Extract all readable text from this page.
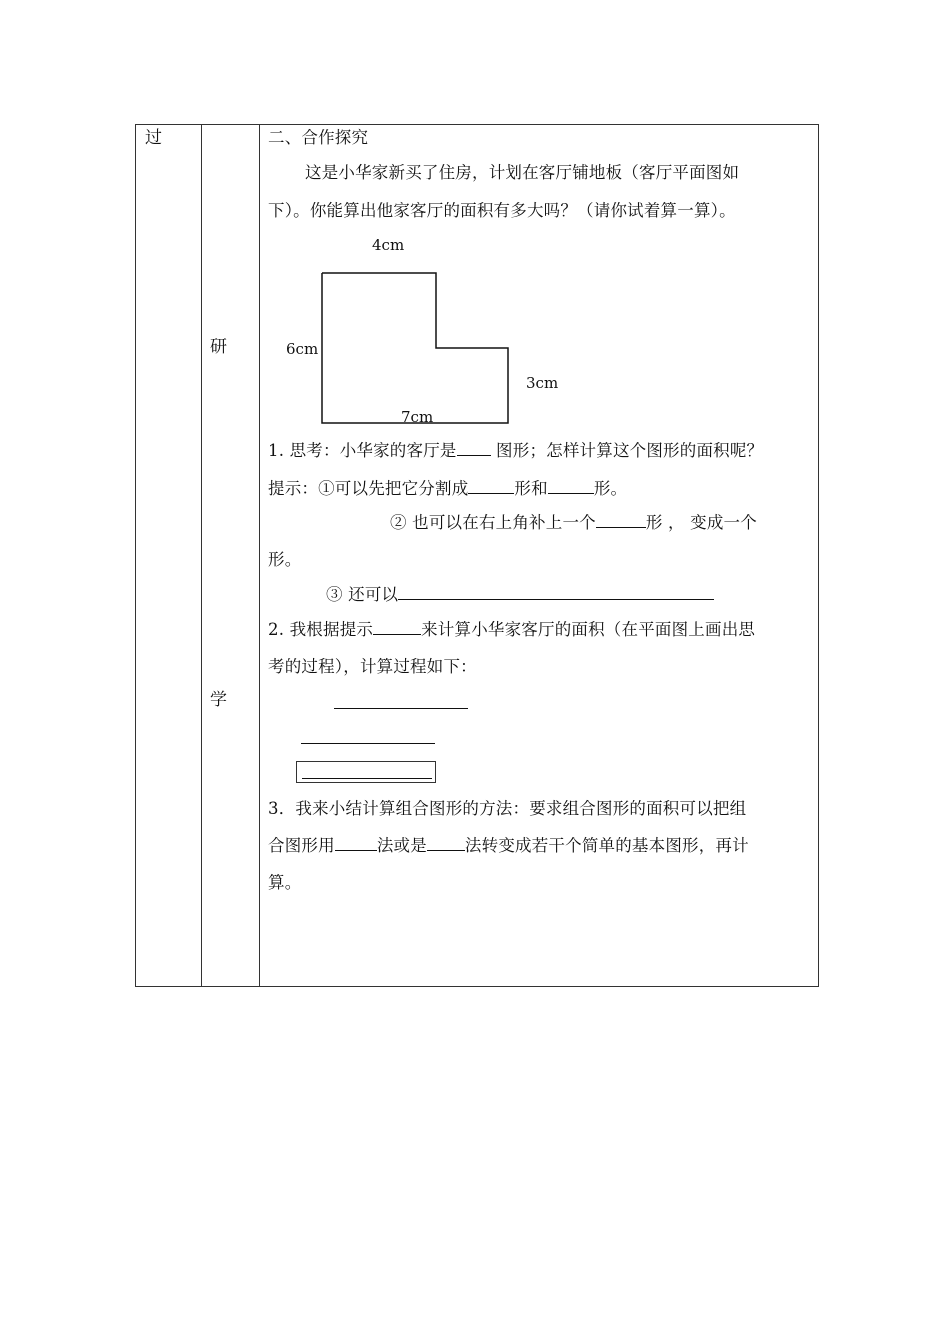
过
研
学
二、合作探究
这是小华家新买了住房，计划在客厅铺地板（客厅平面图如
下）。你能算出他家客厅的面积有多大吗？（请你试着算一算）。
4cm
6cm
3cm
7cm
1. 思考：小华家的客厅是 图形；怎样计算这个图形的面积呢？
提示：①可以先把它分割成	形和	形。
② 也可以在右上角补上一个	形 ， 变成一个
形。
③ 还可以
2. 我根据提示	来计算小华家客厅的面积（在平面图上画出思
考的过程），计算过程如下：
3．我来小结计算组合图形的方法：要求组合图形的面积可以把组
合图形用	法或是 法转变成若干个简单的基本图形，再计
算。
